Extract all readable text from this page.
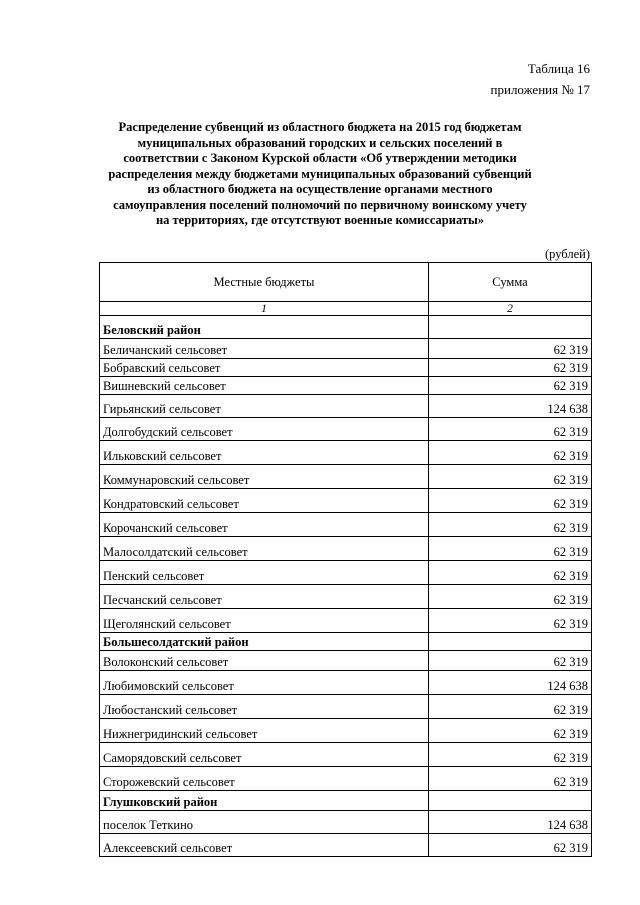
Таблица 16
приложения № 17
Распределение субвенций из областного бюджета на 2015 год бюджетам муниципальных образований городских и сельских поселений в соответствии с Законом Курской области «Об утверждении методики распределения между бюджетами муниципальных образований субвенций из областного бюджета на осуществление органами местного самоуправления поселений полномочий по первичному воинскому учету на территориях, где отсутствуют военные комиссариаты»
(рублей)
Местные бюджеты	Сумма
1	2
Беловский район	
Беличанский сельсовет	62 319
Бобравский сельсовет	62 319
Вишневский сельсовет	62 319
Гирьянский сельсовет	124 638
Долгобудский сельсовет	62 319
Ильковский сельсовет	62 319
Коммунаровский сельсовет	62 319
Кондратовский сельсовет	62 319
Корочанский сельсовет	62 319
Малосолдатский сельсовет	62 319
Пенский сельсовет	62 319
Песчанский сельсовет	62 319
Щеголянский сельсовет	62 319
Большесолдатский район	
Волоконский сельсовет	62 319
Любимовский сельсовет	124 638
Любостанский сельсовет	62 319
Нижнегридинский сельсовет	62 319
Саморядовский сельсовет	62 319
Сторожевский сельсовет	62 319
Глушковский район	
поселок Теткино	124 638
Алексеевский сельсовет	62 319
